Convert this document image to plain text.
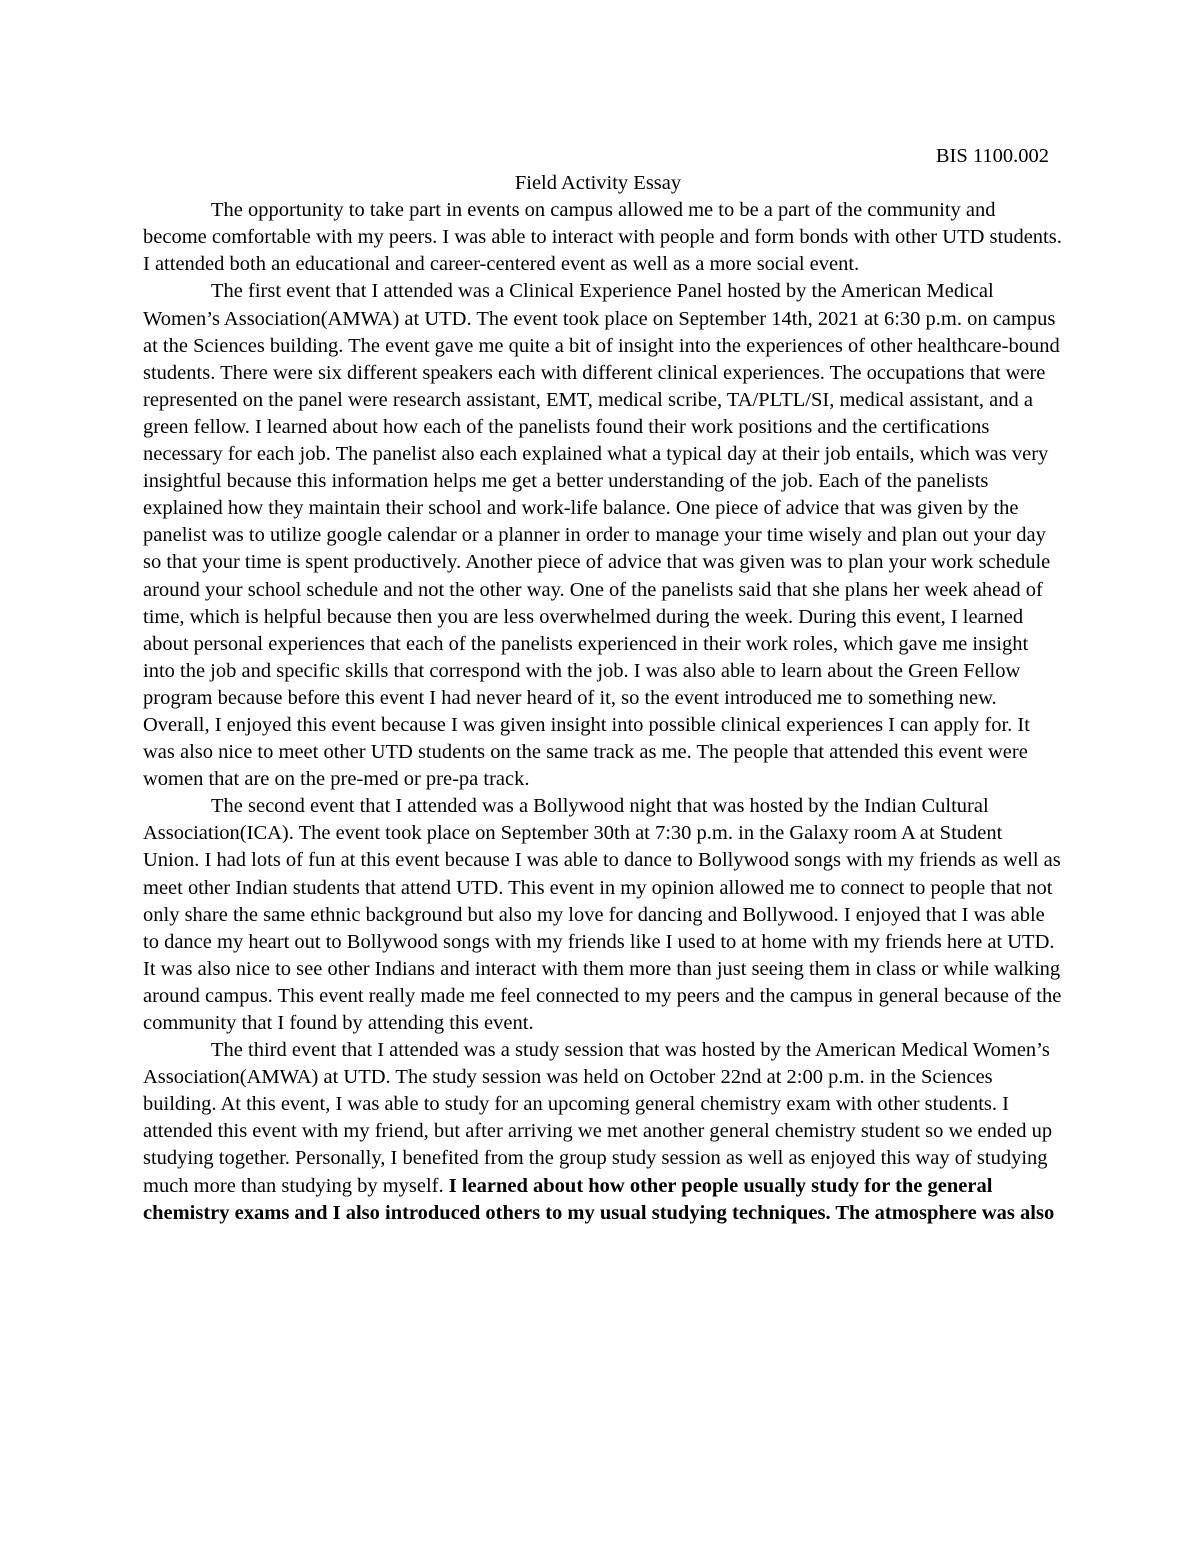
BIS 1100.002
Field Activity Essay

The opportunity to take part in events on campus allowed me to be a part of the community and become comfortable with my peers. I was able to interact with people and form bonds with other UTD students. I attended both an educational and career-centered event as well as a more social event.

The first event that I attended was a Clinical Experience Panel hosted by the American Medical Women’s Association(AMWA) at UTD. The event took place on September 14th, 2021 at 6:30 p.m. on campus at the Sciences building. The event gave me quite a bit of insight into the experiences of other healthcare-bound students. There were six different speakers each with different clinical experiences. The occupations that were represented on the panel were research assistant, EMT, medical scribe, TA/PLTL/SI, medical assistant, and a green fellow. I learned about how each of the panelists found their work positions and the certifications necessary for each job. The panelist also each explained what a typical day at their job entails, which was very insightful because this information helps me get a better understanding of the job. Each of the panelists explained how they maintain their school and work-life balance. One piece of advice that was given by the panelist was to utilize google calendar or a planner in order to manage your time wisely and plan out your day so that your time is spent productively. Another piece of advice that was given was to plan your work schedule around your school schedule and not the other way. One of the panelists said that she plans her week ahead of time, which is helpful because then you are less overwhelmed during the week. During this event, I learned about personal experiences that each of the panelists experienced in their work roles, which gave me insight into the job and specific skills that correspond with the job. I was also able to learn about the Green Fellow program because before this event I had never heard of it, so the event introduced me to something new. Overall, I enjoyed this event because I was given insight into possible clinical experiences I can apply for. It was also nice to meet other UTD students on the same track as me. The people that attended this event were women that are on the pre-med or pre-pa track.

The second event that I attended was a Bollywood night that was hosted by the Indian Cultural Association(ICA). The event took place on September 30th at 7:30 p.m. in the Galaxy room A at Student Union. I had lots of fun at this event because I was able to dance to Bollywood songs with my friends as well as meet other Indian students that attend UTD. This event in my opinion allowed me to connect to people that not only share the same ethnic background but also my love for dancing and Bollywood. I enjoyed that I was able to dance my heart out to Bollywood songs with my friends like I used to at home with my friends here at UTD. It was also nice to see other Indians and interact with them more than just seeing them in class or while walking around campus. This event really made me feel connected to my peers and the campus in general because of the community that I found by attending this event.

The third event that I attended was a study session that was hosted by the American Medical Women’s Association(AMWA) at UTD. The study session was held on October 22nd at 2:00 p.m. in the Sciences building. At this event, I was able to study for an upcoming general chemistry exam with other students. I attended this event with my friend, but after arriving we met another general chemistry student so we ended up studying together. Personally, I benefited from the group study session as well as enjoyed this way of studying much more than studying by myself. I learned about how other people usually study for the general chemistry exams and I also introduced others to my usual studying techniques. The atmosphere was also
